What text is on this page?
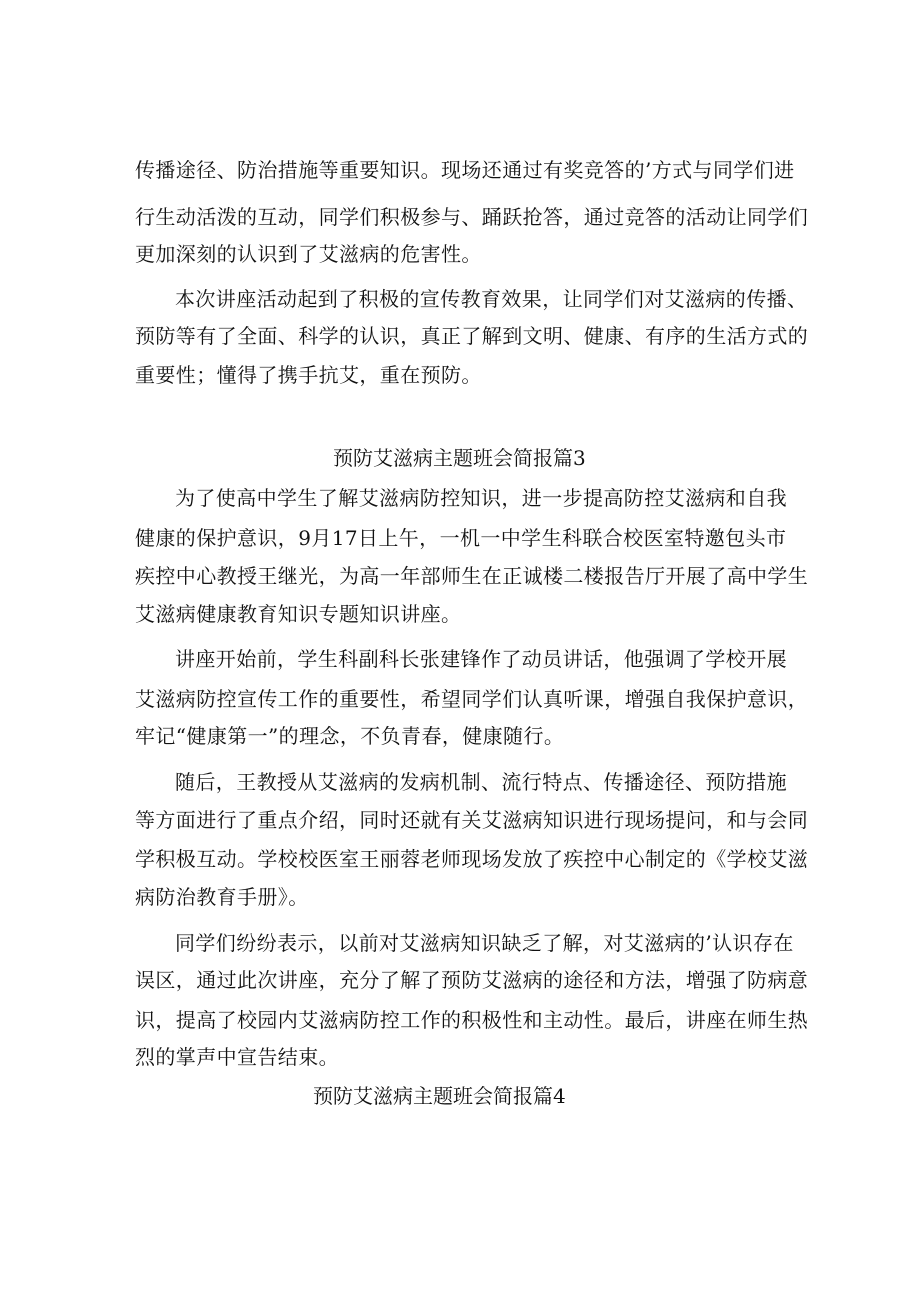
传播途径、防治措施等重要知识。现场还通过有奖竞答的’方式与同学们进
行生动活泼的互动，同学们积极参与、踊跃抢答，通过竞答的活动让同学们
更加深刻的认识到了艾滋病的危害性。
本次讲座活动起到了积极的宣传教育效果，让同学们对艾滋病的传播、
预防等有了全面、科学的认识，真正了解到文明、健康、有序的生活方式的
重要性；懂得了携手抗艾，重在预防。
预防艾滋病主题班会简报篇3
为了使高中学生了解艾滋病防控知识，进一步提高防控艾滋病和自我
健康的保护意识，9月17日上午，一机一中学生科联合校医室特邀包头市
疾控中心教授王继光，为高一年部师生在正诚楼二楼报告厅开展了高中学生
艾滋病健康教育知识专题知识讲座。
讲座开始前，学生科副科长张建锋作了动员讲话，他强调了学校开展
艾滋病防控宣传工作的重要性，希望同学们认真听课，增强自我保护意识，
牢记“健康第一”的理念，不负青春，健康随行。
随后，王教授从艾滋病的发病机制、流行特点、传播途径、预防措施
等方面进行了重点介绍，同时还就有关艾滋病知识进行现场提问，和与会同
学积极互动。学校校医室王丽蓉老师现场发放了疾控中心制定的《学校艾滋
病防治教育手册》。
同学们纷纷表示，以前对艾滋病知识缺乏了解，对艾滋病的’认识存在
误区，通过此次讲座，充分了解了预防艾滋病的途径和方法，增强了防病意
识，提高了校园内艾滋病防控工作的积极性和主动性。最后，讲座在师生热
烈的掌声中宣告结束。
预防艾滋病主题班会简报篇4
